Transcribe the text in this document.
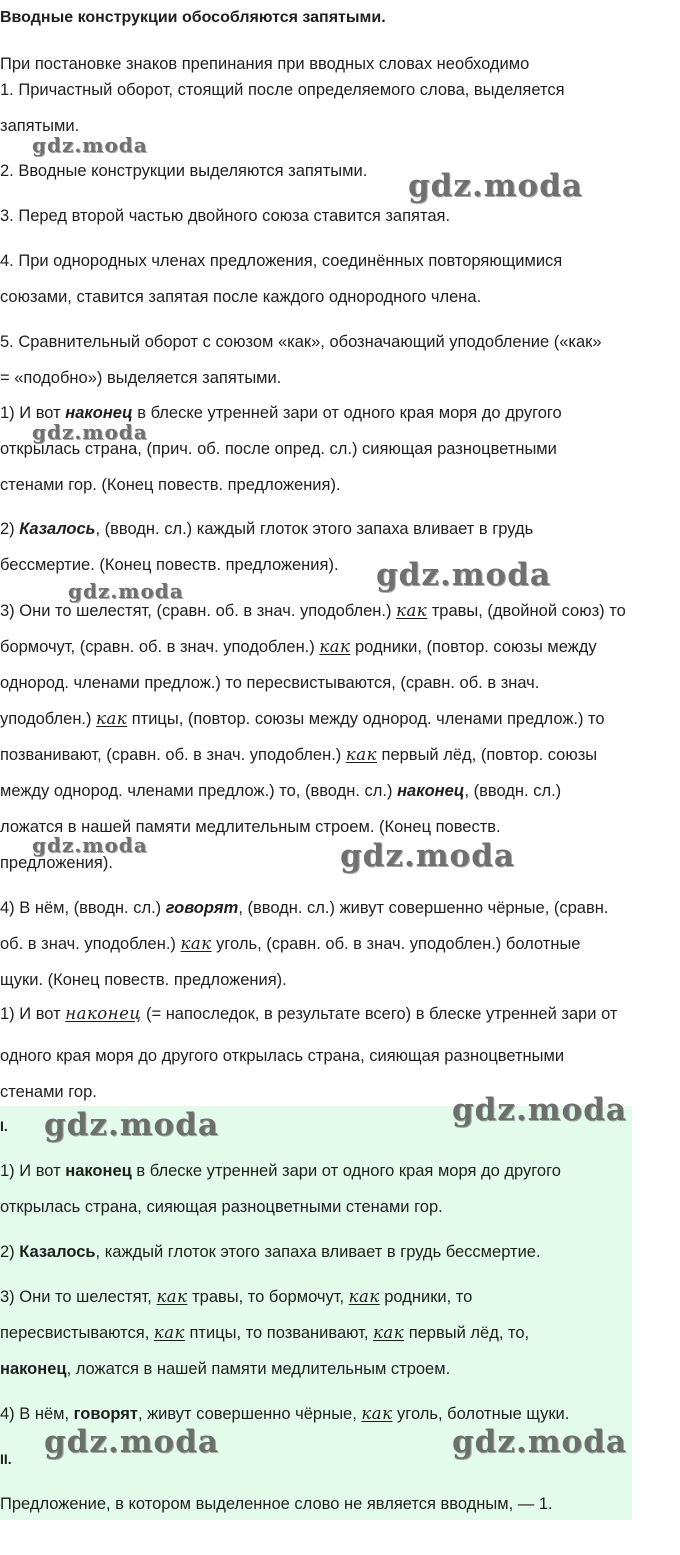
Вводные конструкции обособляются запятыми.
При постановке знаков препинания при вводных словах необходимо
1. Причастный оборот, стоящий после определяемого слова, выделяется
запятыми.
2. Вводные конструкции выделяются запятыми.
3. Перед второй частью двойного союза ставится запятая.
4. При однородных членах предложения, соединённых повторяющимися
союзами, ставится запятая после каждого однородного члена.
5. Сравнительный оборот с союзом «как», обозначающий уподобление («как»
= «подобно») выделяется запятыми.
1) И вот наконец в блеске утренней зари от одного края моря до другого
открылась страна, (прич. об. после опред. сл.) сияющая разноцветными
стенами гор. (Конец повеств. предложения).
2) Казалось, (вводн. сл.) каждый глоток этого запаха вливает в грудь
бессмертие. (Конец повеств. предложения).
3) Они то шелестят, (сравн. об. в знач. уподоблен.) как травы, (двойной союз) то
бормочут, (сравн. об. в знач. уподоблен.) как родники, (повтор. союзы между
однород. членами предлож.) то пересвистываются, (сравн. об. в знач.
уподоблен.) как птицы, (повтор. союзы между однород. членами предлож.) то
позванивают, (сравн. об. в знач. уподоблен.) как первый лёд, (повтор. союзы
между однород. членами предлож.) то, (вводн. сл.) наконец, (вводн. сл.)
ложатся в нашей памяти медлительным строем. (Конец повеств.
предложения).
4) В нём, (вводн. сл.) говорят, (вводн. сл.) живут совершенно чёрные, (сравн.
об. в знач. уподоблен.) как уголь, (сравн. об. в знач. уподоблен.) болотные
щуки. (Конец повеств. предложения).
1) И вот наконец (= напоследок, в результате всего) в блеске утренней зари от
одного края моря до другого открылась страна, сияющая разноцветными
стенами гор.
I.
1) И вот наконец в блеске утренней зари от одного края моря до другого
открылась страна, сияющая разноцветными стенами гор.
2) Казалось, каждый глоток этого запаха вливает в грудь бессмертие.
3) Они то шелестят, как травы, то бормочут, как родники, то
пересвистываются, как птицы, то позванивают, как первый лёд, то,
наконец, ложатся в нашей памяти медлительным строем.
4) В нём, говорят, живут совершенно чёрные, как уголь, болотные щуки.
II.
Предложение, в котором выделенное слово не является вводным, — 1.
gdz.moda
gdz.moda
gdz.moda
gdz.moda
gdz.moda
gdz.moda	gdz.moda
gdz.moda
gdz.moda
gdz.moda	gdz.moda
